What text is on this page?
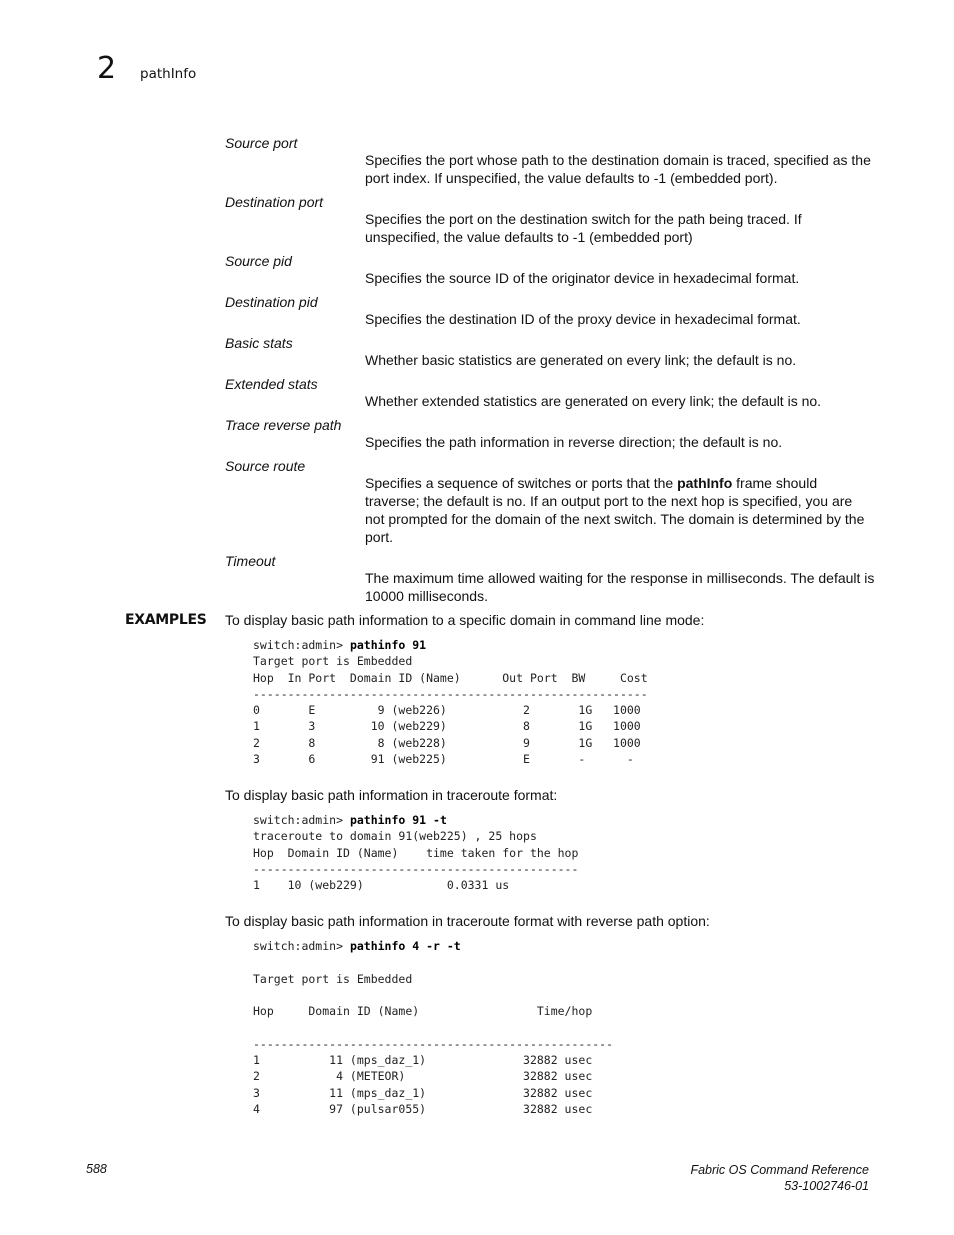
2 pathInfo
Source port
Specifies the port whose path to the destination domain is traced, specified as the port index. If unspecified, the value defaults to -1 (embedded port).
Destination port
Specifies the port on the destination switch for the path being traced. If unspecified, the value defaults to -1 (embedded port)
Source pid
Specifies the source ID of the originator device in hexadecimal format.
Destination pid
Specifies the destination ID of the proxy device in hexadecimal format.
Basic stats
Whether basic statistics are generated on every link; the default is no.
Extended stats
Whether extended statistics are generated on every link; the default is no.
Trace reverse path
Specifies the path information in reverse direction; the default is no.
Source route
Specifies a sequence of switches or ports that the pathInfo frame should traverse; the default is no. If an output port to the next hop is specified, you are not prompted for the domain of the next switch. The domain is determined by the port.
Timeout
The maximum time allowed waiting for the response in milliseconds. The default is 10000 milliseconds.
EXAMPLES To display basic path information to a specific domain in command line mode:
switch:admin> pathinfo 91
Target port is Embedded
Hop  In Port  Domain ID (Name)      Out Port  BW     Cost
---------------------------------------------------------
0       E         9 (web226)           2       1G   1000
1       3        10 (web229)           8       1G   1000
2       8         8 (web228)           9       1G   1000
3       6        91 (web225)           E       -      -
To display basic path information in traceroute format:
switch:admin> pathinfo 91 -t
traceroute to domain 91(web225) , 25 hops
Hop  Domain ID (Name)    time taken for the hop
-----------------------------------------------
1    10 (web229)            0.0331 us
To display basic path information in traceroute format with reverse path option:
switch:admin> pathinfo 4 -r -t

Target port is Embedded

Hop     Domain ID (Name)                 Time/hop

----------------------------------------------------
1          11 (mps_daz_1)              32882 usec
2           4 (METEOR)                 32882 usec
3          11 (mps_daz_1)              32882 usec
4          97 (pulsar055)              32882 usec
588	Fabric OS Command Reference
53-1002746-01
